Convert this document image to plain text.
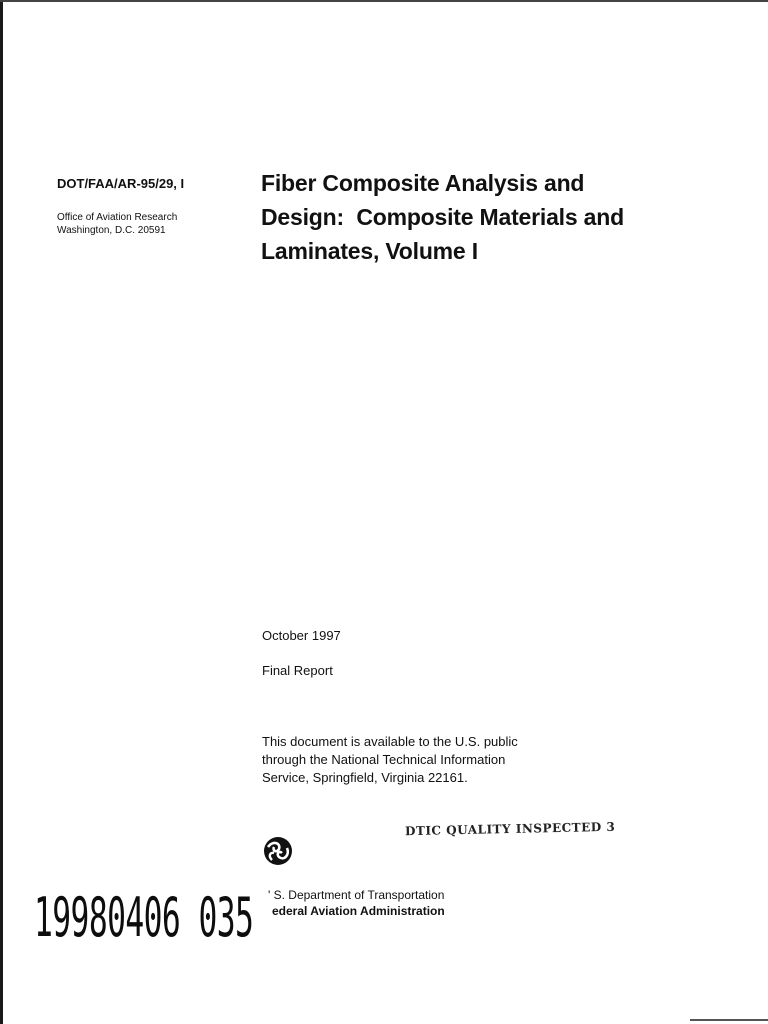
DOT/FAA/AR-95/29, I
Office of Aviation Research
Washington, D.C. 20591
Fiber Composite Analysis and
Design:  Composite Materials and
Laminates, Volume I
October 1997
Final Report
This document is available to the U.S. public
through the National Technical Information
Service, Springfield, Virginia 22161.
DTIC QUALITY INSPECTED 3
' S. Department of Transportation
ederal Aviation Administration
19980406 035
